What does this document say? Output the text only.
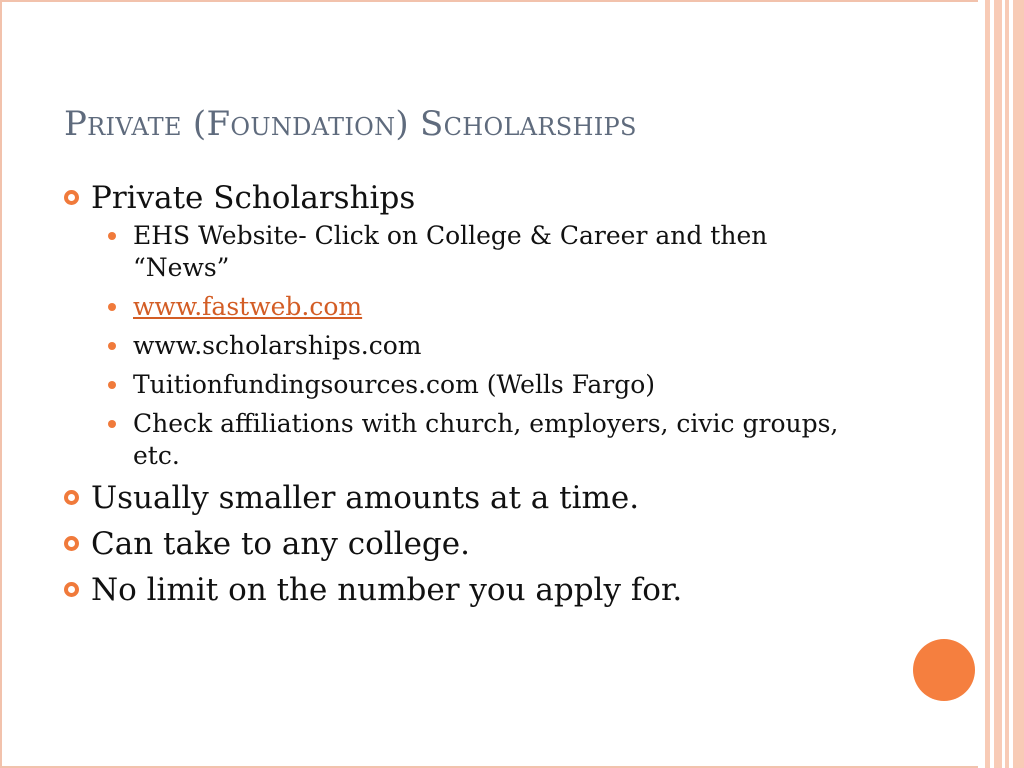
Private (Foundation) Scholarships
Private Scholarships
EHS Website- Click on College & Career and then “News”
www.fastweb.com
www.scholarships.com
Tuitionfundingsources.com (Wells Fargo)
Check affiliations with church, employers, civic groups, etc.
Usually smaller amounts at a time.
Can take to any college.
No limit on the number you apply for.
